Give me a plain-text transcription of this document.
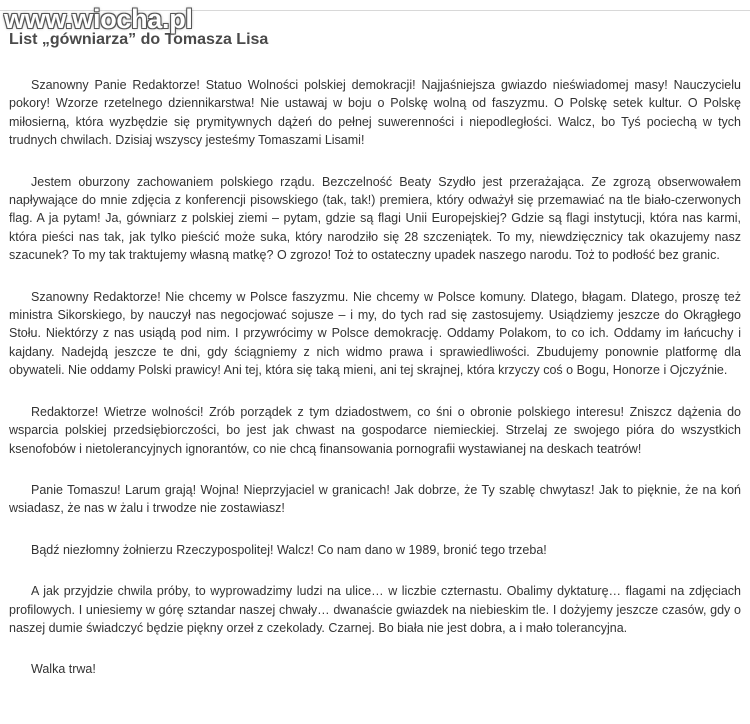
www.wiocha.pl
List „gówniarza” do Tomasza Lisa

Szanowny Panie Redaktorze! Statuo Wolności polskiej demokracji! Najjaśniejsza gwiazdo nieświadomej masy! Nauczycielu pokory! Wzorze rzetelnego dziennikarstwa! Nie ustawaj w boju o Polskę wolną od faszyzmu. O Polskę setek kultur. O Polskę miłosierną, która wyzbędzie się prymitywnych dążeń do pełnej suwerenności i niepodległości. Walcz, bo Tyś pociechą w tych trudnych chwilach. Dzisiaj wszyscy jesteśmy Tomaszami Lisami!

Jestem oburzony zachowaniem polskiego rządu. Bezczelność Beaty Szydło jest przerażająca. Ze zgrozą obserwowałem napływające do mnie zdjęcia z konferencji pisowskiego (tak, tak!) premiera, który odważył się przemawiać na tle biało-czerwonych flag. A ja pytam! Ja, gówniarz z polskiej ziemi – pytam, gdzie są flagi Unii Europejskiej? Gdzie są flagi instytucji, która nas karmi, która pieści nas tak, jak tylko pieścić może suka, który narodziło się 28 szczeniątek. To my, niewdzięcznicy tak okazujemy nasz szacunek? To my tak traktujemy własną matkę? O zgrozo! Toż to ostateczny upadek naszego narodu. Toż to podłość bez granic.

Szanowny Redaktorze! Nie chcemy w Polsce faszyzmu. Nie chcemy w Polsce komuny. Dlatego, błagam. Dlatego, proszę też ministra Sikorskiego, by nauczył nas negocjować sojusze – i my, do tych rad się zastosujemy. Usiądziemy jeszcze do Okrągłego Stołu. Niektórzy z nas usiądą pod nim. I przywrócimy w Polsce demokrację. Oddamy Polakom, to co ich. Oddamy im łańcuchy i kajdany. Nadejdą jeszcze te dni, gdy ściągniemy z nich widmo prawa i sprawiedliwości. Zbudujemy ponownie platformę dla obywateli. Nie oddamy Polski prawicy! Ani tej, która się taką mieni, ani tej skrajnej, która krzyczy coś o Bogu, Honorze i Ojczyźnie.

Redaktorze! Wietrze wolności! Zrób porządek z tym dziadostwem, co śni o obronie polskiego interesu! Zniszcz dążenia do wsparcia polskiej przedsiębiorczości, bo jest jak chwast na gospodarce niemieckiej. Strzelaj ze swojego pióra do wszystkich ksenofobów i nietolerancyjnych ignorantów, co nie chcą finansowania pornografii wystawianej na deskach teatrów!

Panie Tomaszu! Larum grają! Wojna! Nieprzyjaciel w granicach! Jak dobrze, że Ty szablę chwytasz! Jak to pięknie, że na koń wsiadasz, że nas w żalu i trwodze nie zostawiasz!

Bądź niezłomny żołnierzu Rzeczypospolitej! Walcz! Co nam dano w 1989, bronić tego trzeba!

A jak przyjdzie chwila próby, to wyprowadzimy ludzi na ulice… w liczbie czternastu. Obalimy dyktaturę… flagami na zdjęciach profilowych. I uniesiemy w górę sztandar naszej chwały… dwanaście gwiazdek na niebieskim tle. I dożyjemy jeszcze czasów, gdy o naszej dumie świadczyć będzie piękny orzeł z czekolady. Czarnej. Bo biała nie jest dobra, a i mało tolerancyjna.

Walka trwa!
